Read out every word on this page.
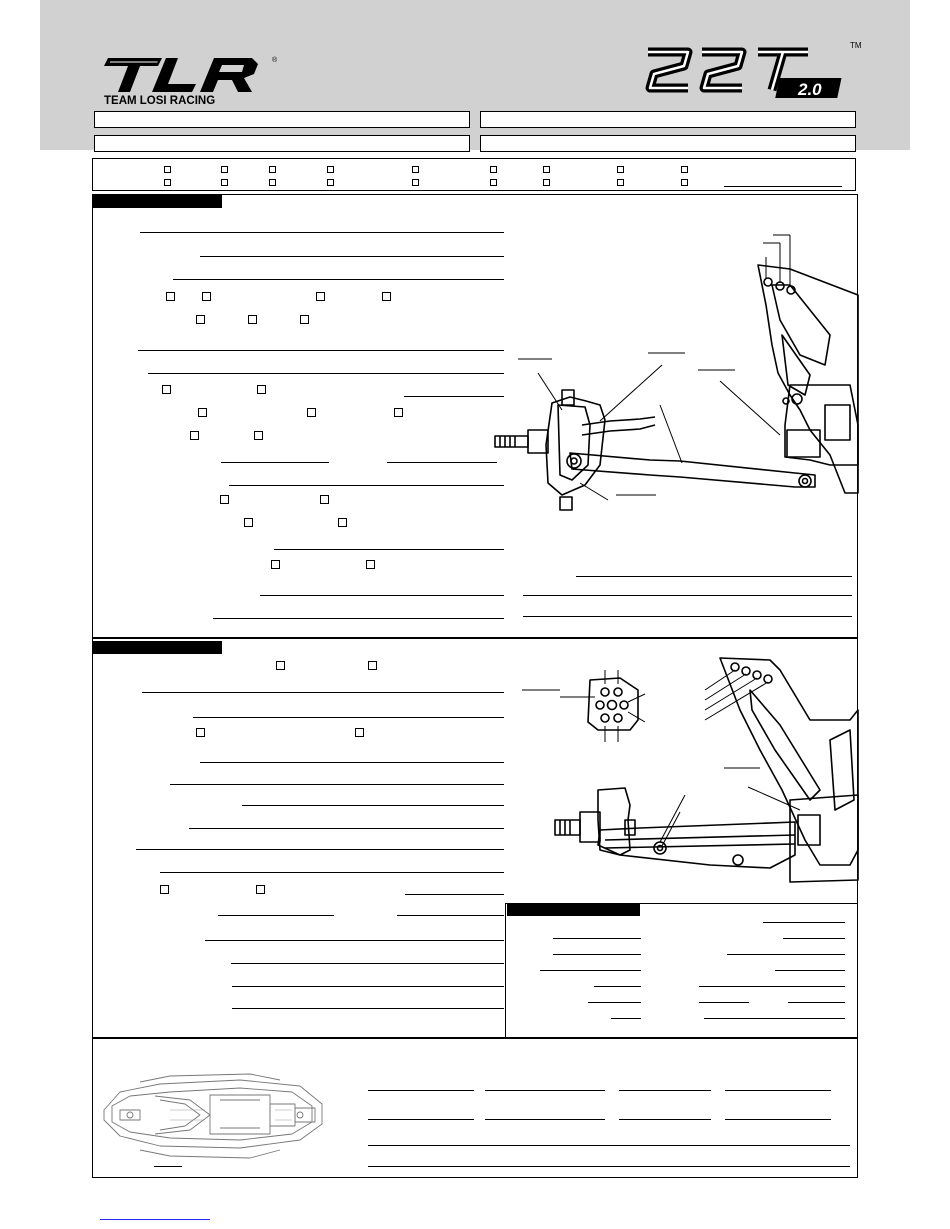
TEAM LOSI RACING
®
2.0
TM
